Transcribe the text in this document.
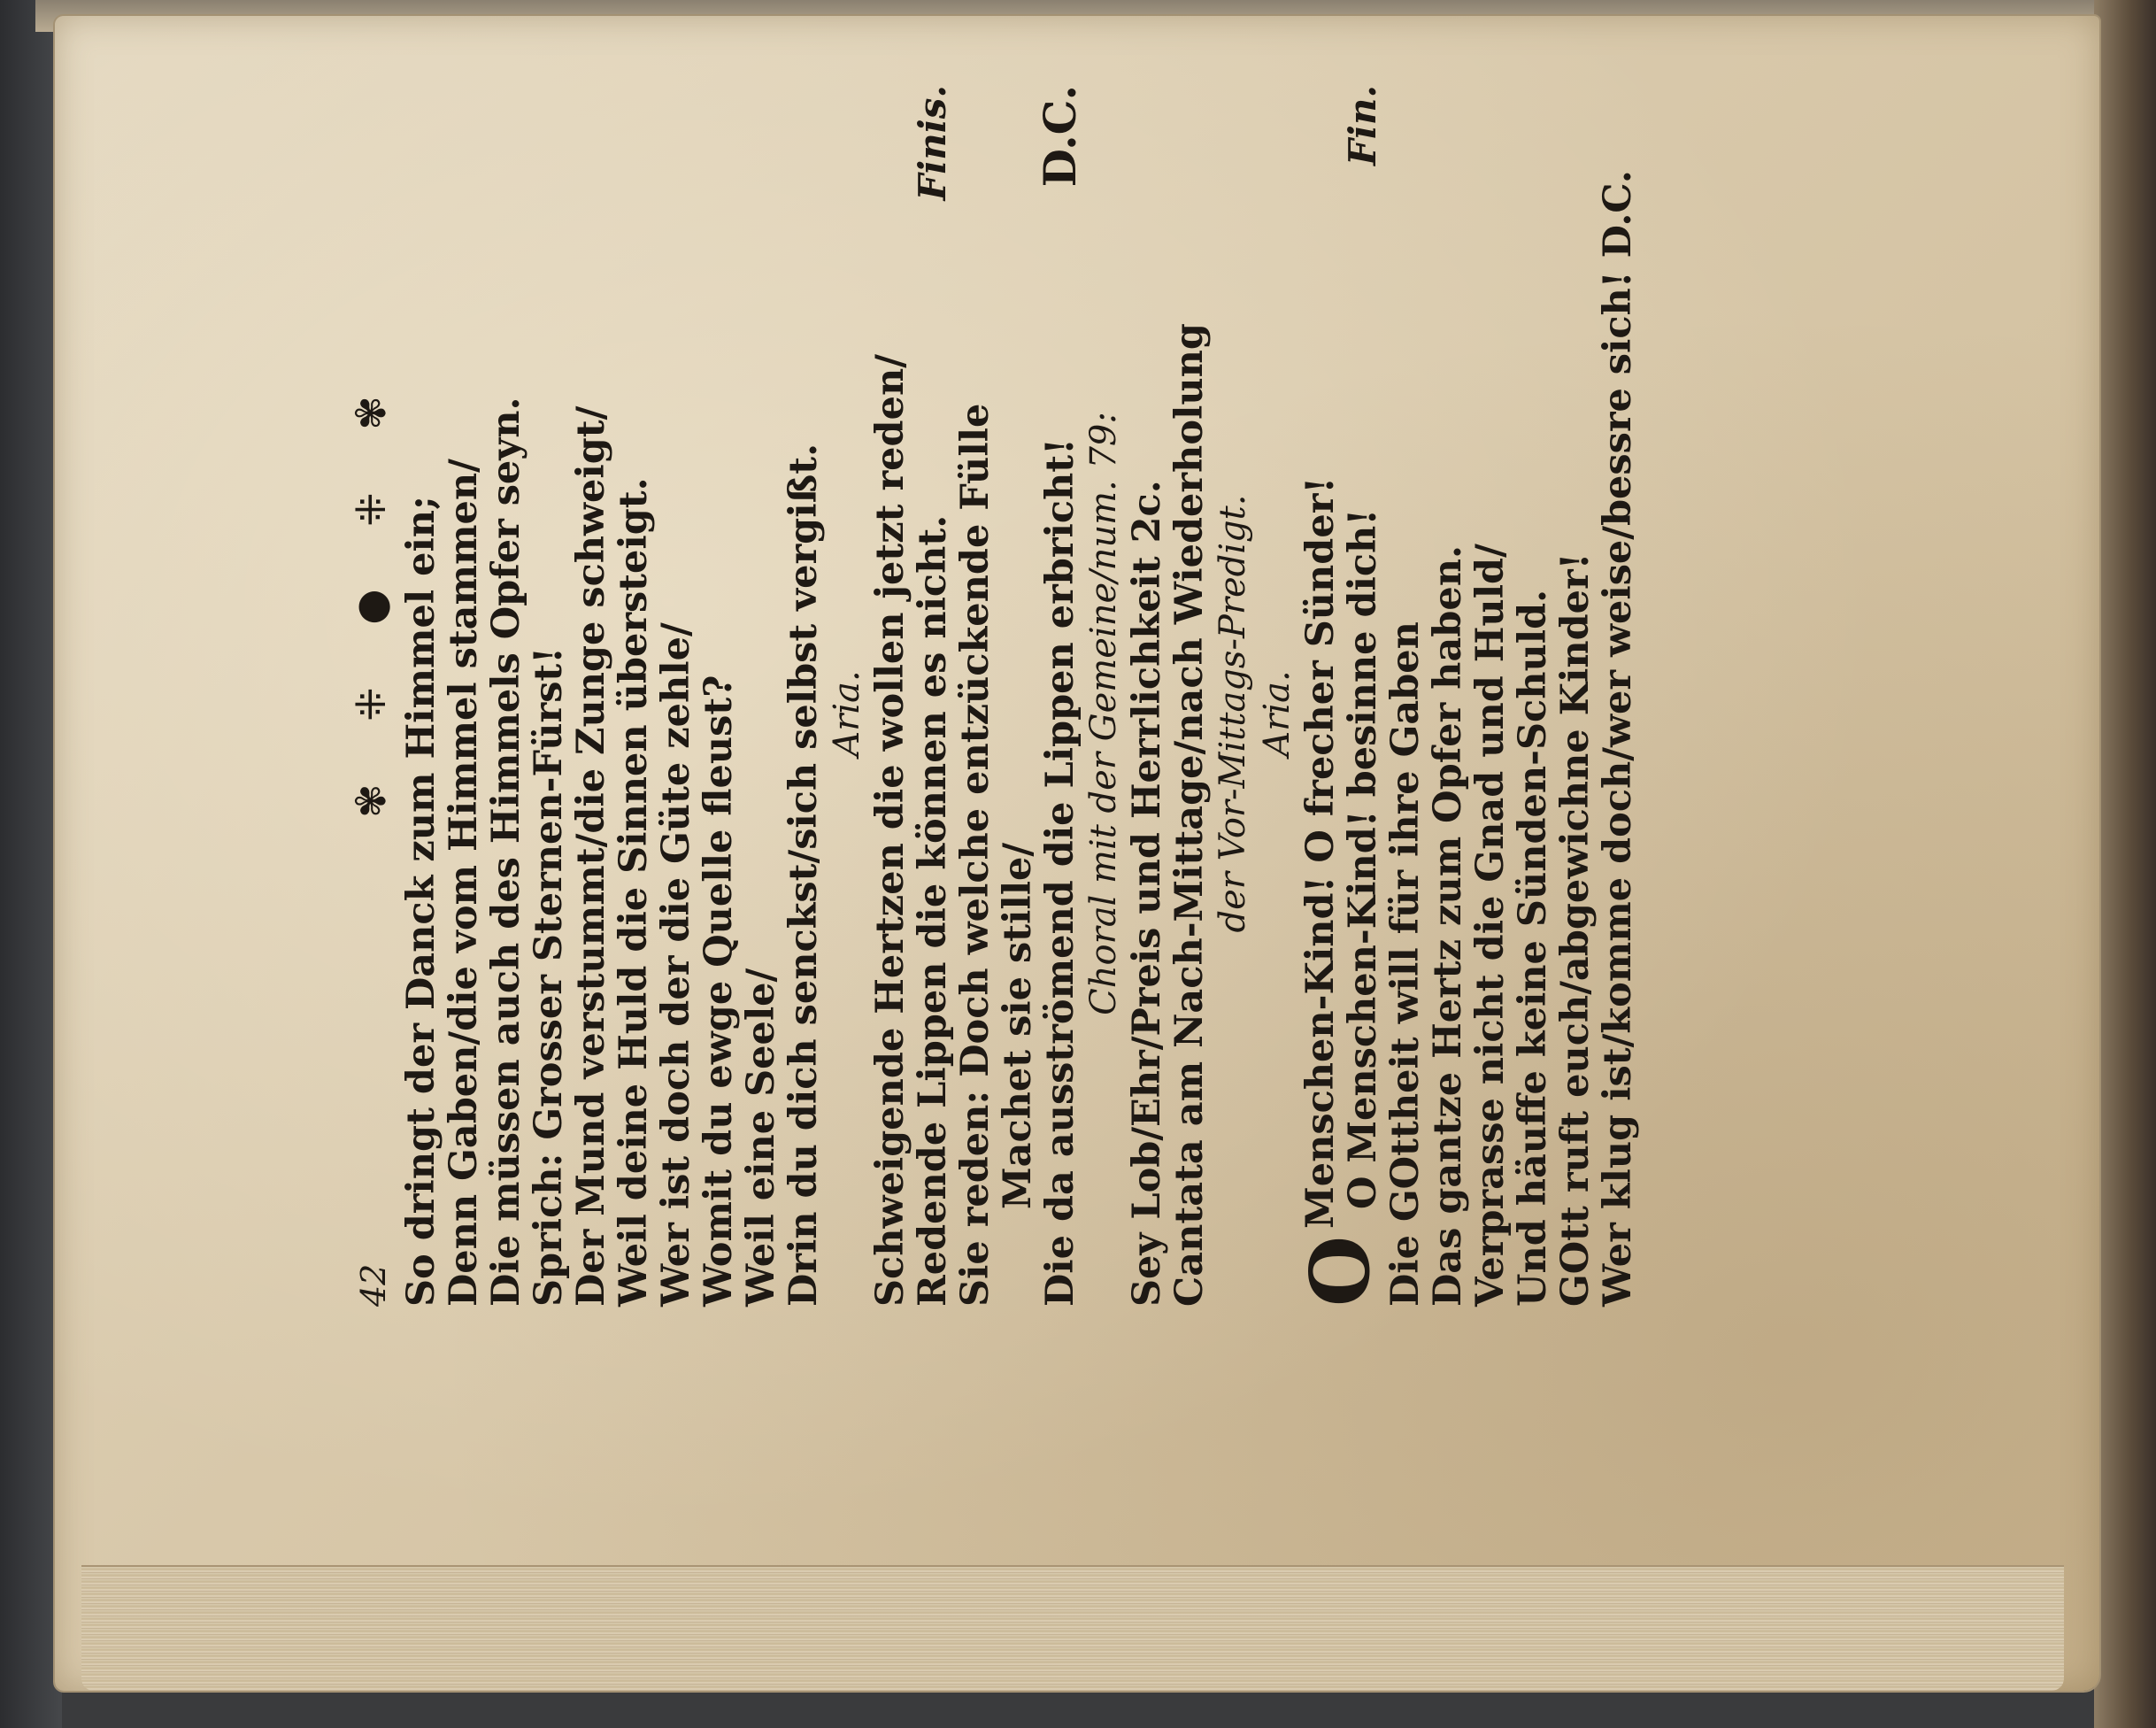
42
✾ ⁜ ● ⁜ ✾ So dringt der Danck zum Himmel ein;
Denn Gaben/die vom Himmel stammen/
Die müssen auch des Himmels Opfer seyn.
Sprich: Grosser Sternen-Fürst!
Der Mund verstummt/die Zunge schweigt/
Weil deine Huld die Sinnen übersteigt.
Wer ist doch der die Güte zehle/
Womit du ewge Quelle fleust?
Weil eine Seele/
Drin du dich senckst/sich selbst vergißt. Aria. Schweigende Hertzen die wollen jetzt reden/
Redende Lippen die können es nicht.
Finis.
Sie reden: Doch welche entzückende Fülle
Machet sie stille/
Die da ausströmend die Lippen erbricht!
D.C.
Choral mit der Gemeine/num. 79: Sey Lob/Ehr/Preis und Herrlichkeit 2c.
Cantata am Nach-Mittage/nach Wiederholung der Vor-Mittags-Predigt. Aria.
OMenschen-Kind! O frecher Sünder!
O Menschen-Kind! besinne dich!
Fin.
Die GOttheit will für ihre Gaben
Das gantze Hertz zum Opfer haben.
Verprasse nicht die Gnad und Huld/
Und häuffe keine Sünden-Schuld.
GOtt ruft euch/abgewichne Kinder!
Wer klug ist/komme doch/wer weise/bessre sich! D.C.
